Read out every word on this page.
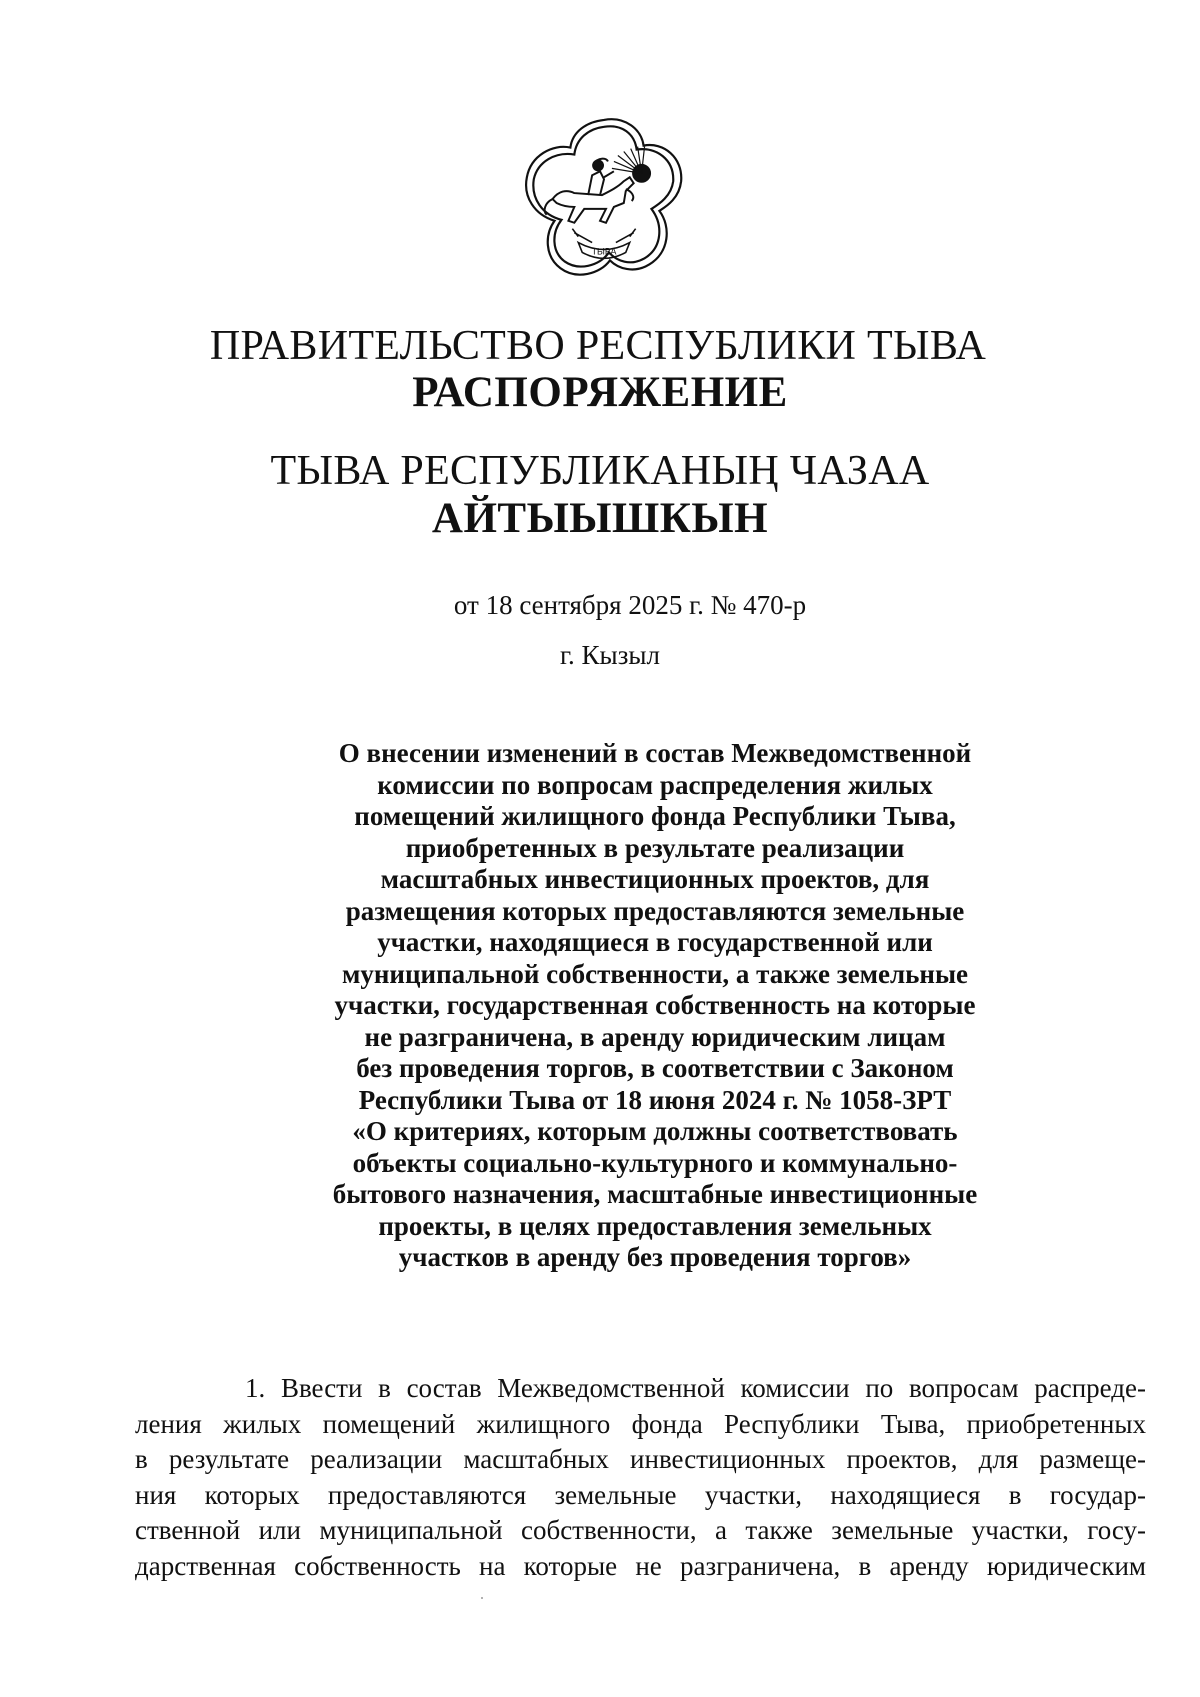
ТЫВА
ПРАВИТЕЛЬСТВО РЕСПУБЛИКИ ТЫВА
РАСПОРЯЖЕНИЕ
ТЫВА РЕСПУБЛИКАНЫҢ ЧАЗАА
АЙТЫЫШКЫН
от 18 сентября 2025 г. № 470-р
г. Кызыл
О внесении изменений в состав Межведомственной
комиссии по вопросам распределения жилых
помещений жилищного фонда Республики Тыва,
приобретенных в результате реализации
масштабных инвестиционных проектов, для
размещения которых предоставляются земельные
участки, находящиеся в государственной или
муниципальной собственности, а также земельные
участки, государственная собственность на которые
не разграничена, в аренду юридическим лицам
без проведения торгов, в соответствии с Законом
Республики Тыва от 18 июня 2024 г. № 1058-ЗРТ
«О критериях, которым должны соответствовать
объекты социально-культурного и коммунально-
бытового назначения, масштабные инвестиционные
проекты, в целях предоставления земельных
участков в аренду без проведения торгов»
1. Ввести в состав Межведомственной комиссии по вопросам распреде-
ления жилых помещений жилищного фонда Республики Тыва, приобретенных
в результате реализации масштабных инвестиционных проектов, для размеще-
ния которых предоставляются земельные участки, находящиеся в государ-
ственной или муниципальной собственности, а также земельные участки, госу-
дарственная собственность на которые не разграничена, в аренду юридическим
